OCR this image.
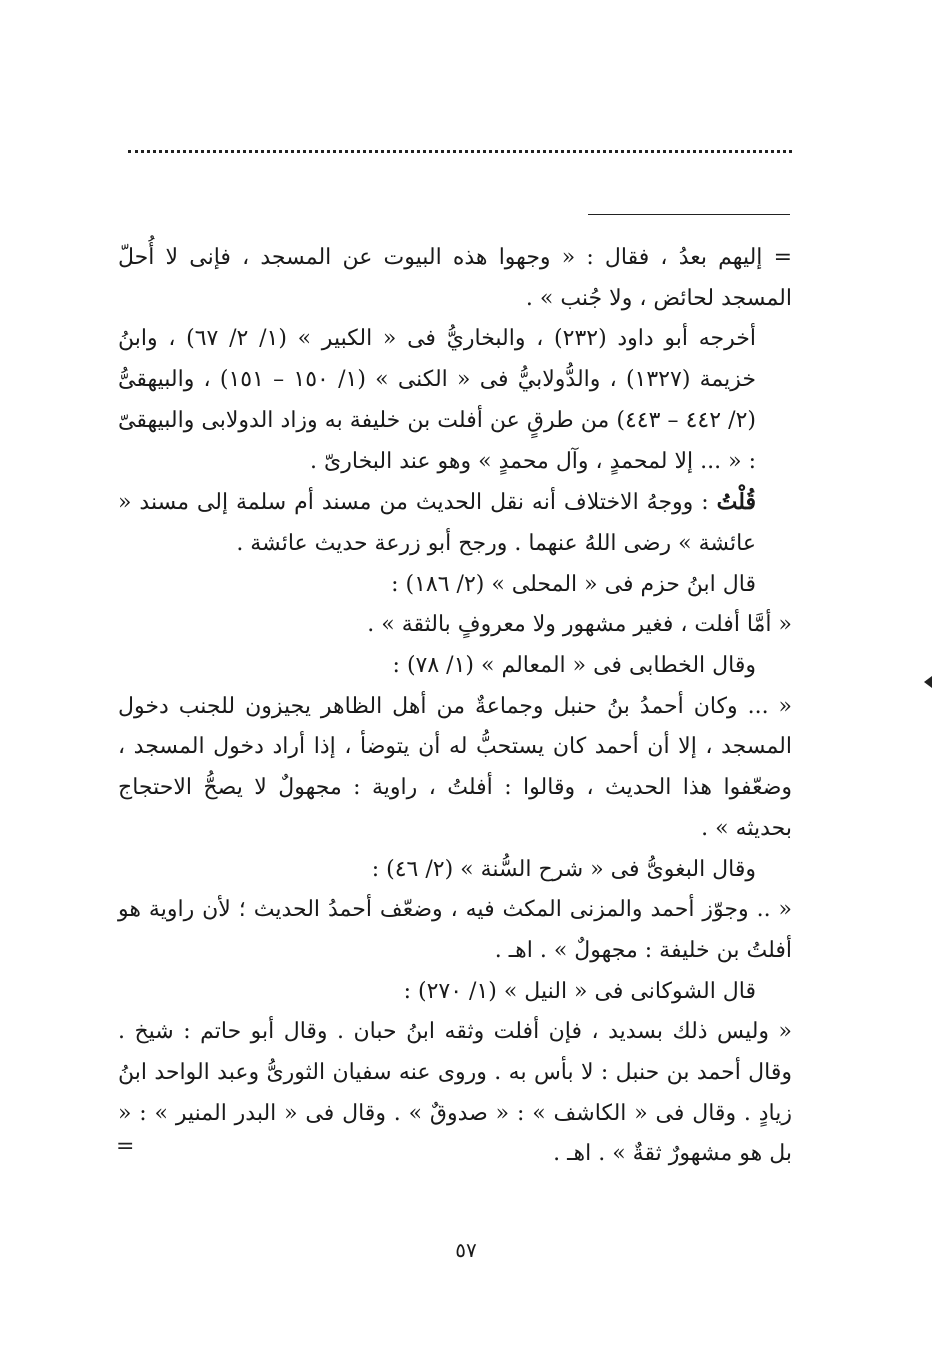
= إليهم بعدُ ، فقال : « وجهوا هذه البيوت عن المسجد ، فإنى لا أُحلّ المسجد لحائض ، ولا جُنب » .

أخرجه أبو داود (٢٣٢) ، والبخاريُّ فى « الكبير » (١/ ٢/ ٦٧) ، وابنُ خزيمة (١٣٢٧) ، والدُّولابيُّ فى « الكنى » (١/ ١٥٠ – ١٥١) ، والبيهقىُّ (٢/ ٤٤٢ – ٤٤٣) من طرقٍ عن أفلت بن خليفة به وزاد الدولابى والبيهقىّ : « ... إلا لمحمدٍ ، وآل محمدٍ » وهو عند البخارىّ .

قُلْتُ : ووجهُ الاختلاف أنه نقل الحديث من مسند أم سلمة إلى مسند « عائشة » رضى اللهُ عنهما . ورجح أبو زرعة حديث عائشة .

قال ابنُ حزم فى « المحلى » (٢/ ١٨٦) :

« أمَّا أفلت ، فغير مشهور ولا معروفٍ بالثقة » .

وقال الخطابى فى « المعالم » (١/ ٧٨) :

« ... وكان أحمدُ بنُ حنبل وجماعةٌ من أهل الظاهر يجيزون للجنب دخول المسجد ، إلا أن أحمد كان يستحبُّ له أن يتوضأ ، إذا أراد دخول المسجد ، وضعّفوا هذا الحديث ، وقالوا : أفلتُ ، راوية : مجهولٌ لا يصحُّ الاحتجاج بحديثه » .

وقال البغوىُّ فى « شرح السُّنة » (٢/ ٤٦) :

« .. وجوّز أحمد والمزنى المكث فيه ، وضعّف أحمدُ الحديث ؛ لأن راوية هو أفلتُ بن خليفة : مجهولٌ » . اهـ .

قال الشوكانى فى « النيل » (١/ ٢٧٠) :

« وليس ذلك بسديد ، فإن أفلت وثقه ابنُ حبان . وقال أبو حاتم : شيخ . وقال أحمد بن حنبل : لا بأس به . وروى عنه سفيان الثورىُّ وعبد الواحد ابنُ زيادٍ . وقال فى « الكاشف » : « صدوقٌ » . وقال فى « البدر المنير » : « بل هو مشهورٌ ثقةٌ » . اهـ .

=
٥٧
